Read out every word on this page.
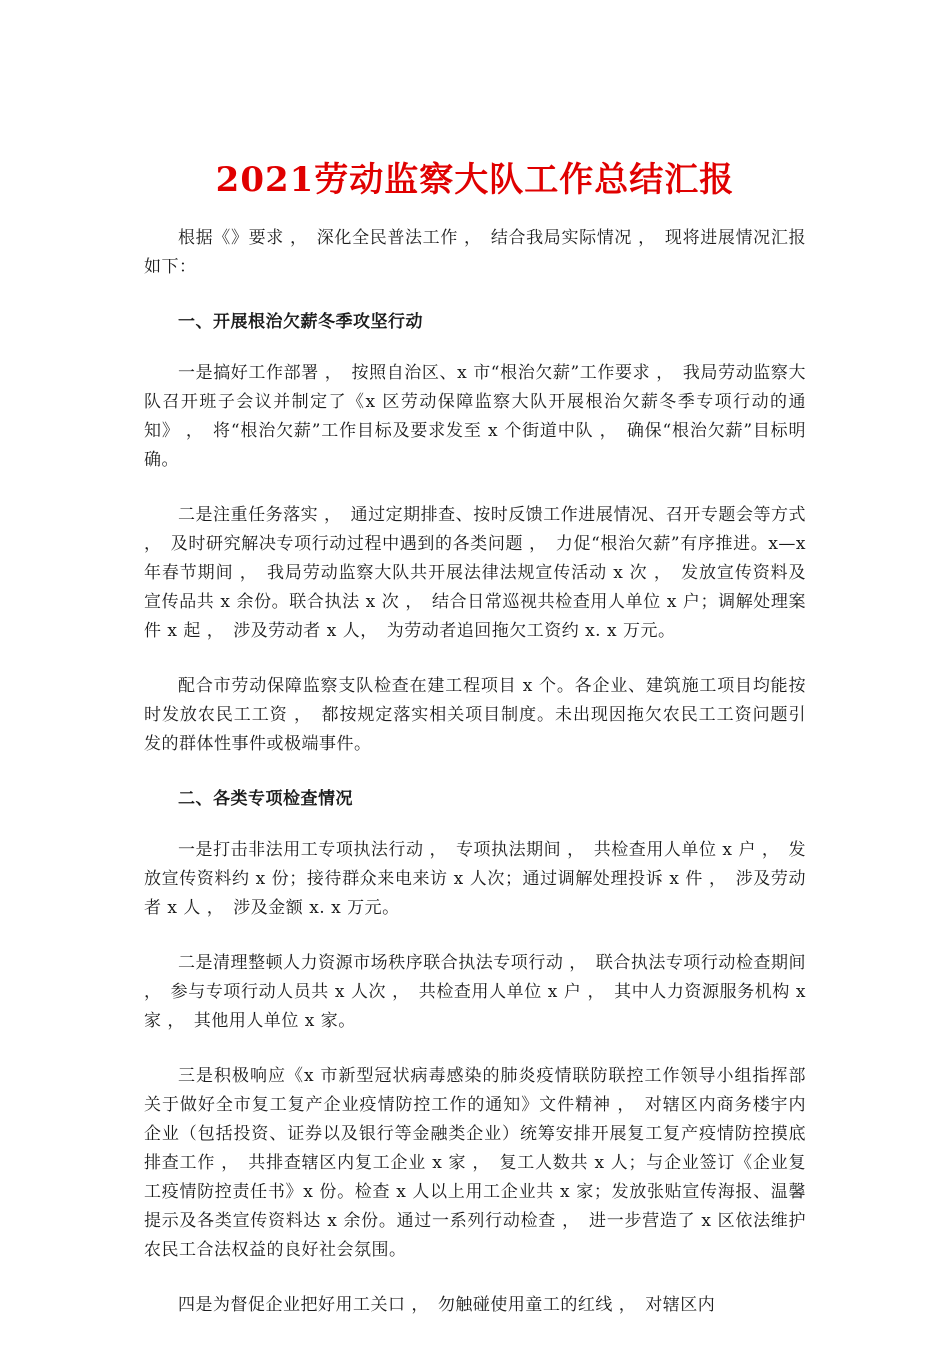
2021劳动监察大队工作总结汇报

根据《》要求 ，　深化全民普法工作 ，　结合我局实际情况 ，　现将进展情况汇报如下：

一、开展根治欠薪冬季攻坚行动

一是搞好工作部署 ，　按照自治区、x 市“根治欠薪”工作要求 ，　我局劳动监察大队召开班子会议并制定了《x 区劳动保障监察大队开展根治欠薪冬季专项行动的通知》 ，　将“根治欠薪”工作目标及要求发至 x 个街道中队 ，　确保“根治欠薪”目标明确。

二是注重任务落实 ，　通过定期排查、按时反馈工作进展情况、召开专题会等方式 ，　及时研究解决专项行动过程中遇到的各类问题 ，　力促“根治欠薪”有序推进。x—x 年春节期间 ，　我局劳动监察大队共开展法律法规宣传活动 x 次 ，　发放宣传资料及宣传品共 x 余份。联合执法 x 次 ，　结合日常巡视共检查用人单位 x 户；调解处理案件 x 起 ，　涉及劳动者 x 人，　为劳动者追回拖欠工资约 x. x 万元。

配合市劳动保障监察支队检查在建工程项目 x 个。各企业、建筑施工项目均能按时发放农民工工资 ，　都按规定落实相关项目制度。未出现因拖欠农民工工资问题引发的群体性事件或极端事件。

二、各类专项检查情况

一是打击非法用工专项执法行动 ，　专项执法期间 ，　共检查用人单位 x 户 ，　发放宣传资料约 x 份；接待群众来电来访 x 人次；通过调解处理投诉 x 件 ，　涉及劳动者 x 人 ，　涉及金额 x. x 万元。

二是清理整顿人力资源市场秩序联合执法专项行动 ，　联合执法专项行动检查期间 ，　参与专项行动人员共 x 人次 ，　共检查用人单位 x 户 ，　其中人力资源服务机构 x 家 ，　其他用人单位 x 家。

三是积极响应《x 市新型冠状病毒感染的肺炎疫情联防联控工作领导小组指挥部关于做好全市复工复产企业疫情防控工作的通知》文件精神 ，　对辖区内商务楼宇内企业（包括投资、证券以及银行等金融类企业）统筹安排开展复工复产疫情防控摸底排查工作 ，　共排查辖区内复工企业 x 家 ，　复工人数共 x 人；与企业签订《企业复工疫情防控责任书》x 份。检查 x 人以上用工企业共 x 家；发放张贴宣传海报、温馨提示及各类宣传资料达 x 余份。通过一系列行动检查 ，　进一步营造了 x 区依法维护农民工合法权益的良好社会氛围。

四是为督促企业把好用工关口 ，　勿触碰使用童工的红线 ，　对辖区内
